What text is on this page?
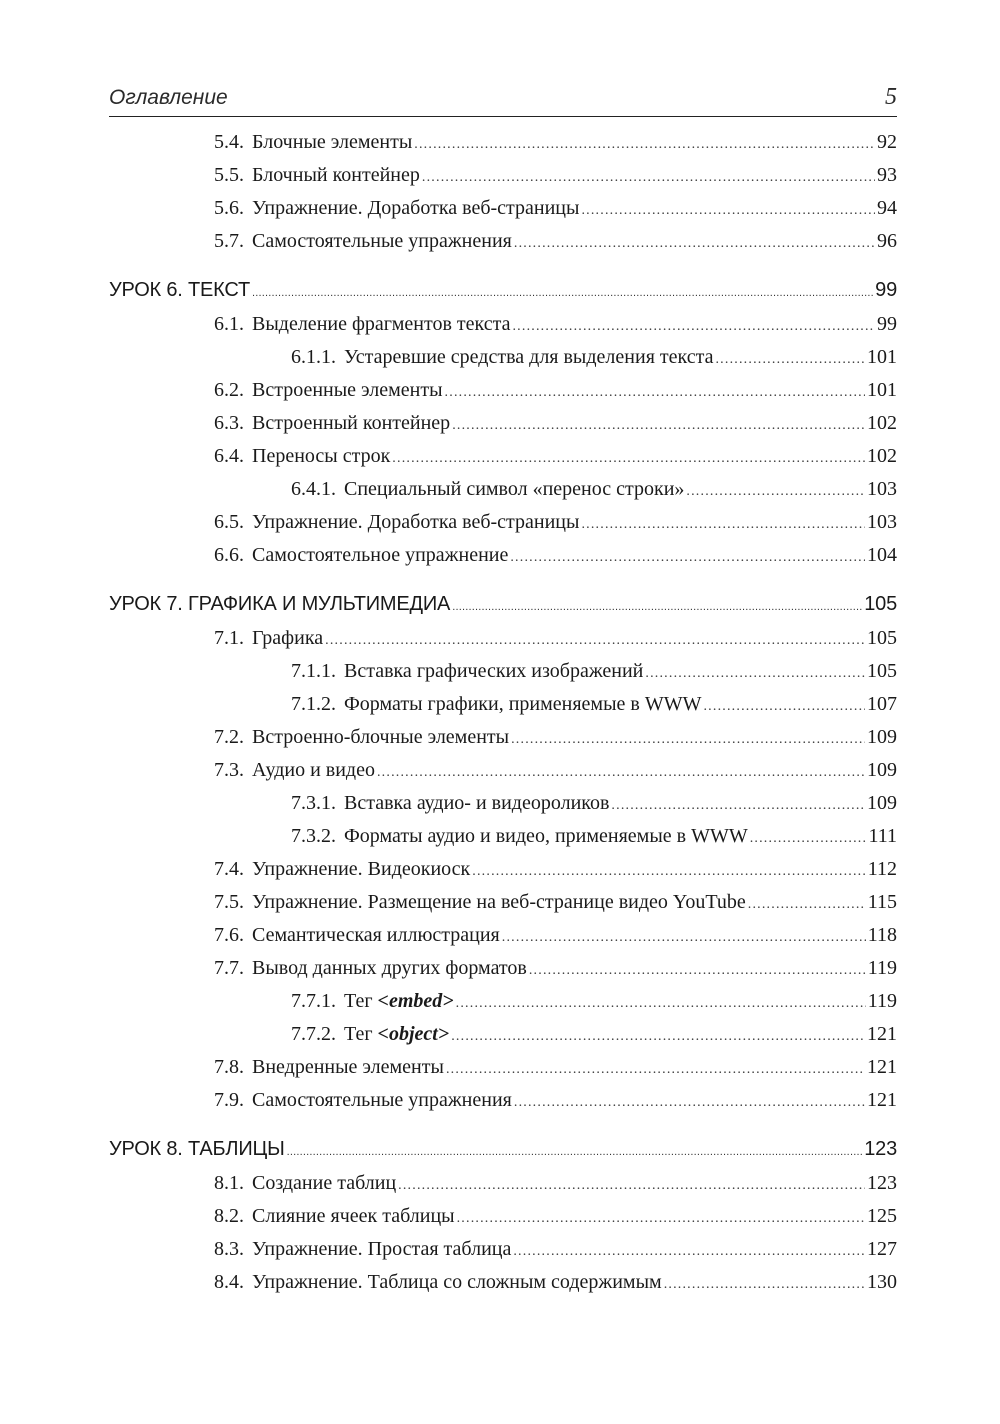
Оглавление	5
5.4. Блочные элементы .....	92
5.5. Блочный контейнер .....	93
5.6. Упражнение. Доработка веб-страницы .....	94
5.7. Самостоятельные упражнения .....	96
УРОК 6. ТЕКСТ .....	99
6.1. Выделение фрагментов текста .....	99
6.1.1. Устаревшие средства для выделения текста .....	101
6.2. Встроенные элементы .....	101
6.3. Встроенный контейнер .....	102
6.4. Переносы строк .....	102
6.4.1. Специальный символ «перенос строки» .....	103
6.5. Упражнение. Доработка веб-страницы .....	103
6.6. Самостоятельное упражнение .....	104
УРОК 7. ГРАФИКА И МУЛЬТИМЕДИА .....	105
7.1. Графика .....	105
7.1.1. Вставка графических изображений .....	105
7.1.2. Форматы графики, применяемые в WWW .....	107
7.2. Встроенно-блочные элементы .....	109
7.3. Аудио и видео .....	109
7.3.1. Вставка аудио- и видеороликов .....	109
7.3.2. Форматы аудио и видео, применяемые в WWW .....	111
7.4. Упражнение. Видеокиоск .....	112
7.5. Упражнение. Размещение на веб-странице видео YouTube .....	115
7.6. Семантическая иллюстрация .....	118
7.7. Вывод данных других форматов .....	119
7.7.1. Тег <embed> .....	119
7.7.2. Тег <object> .....	121
7.8. Внедренные элементы .....	121
7.9. Самостоятельные упражнения .....	121
УРОК 8. ТАБЛИЦЫ .....	123
8.1. Создание таблиц .....	123
8.2. Слияние ячеек таблицы .....	125
8.3. Упражнение. Простая таблица .....	127
8.4. Упражнение. Таблица со сложным содержимым .....	130
